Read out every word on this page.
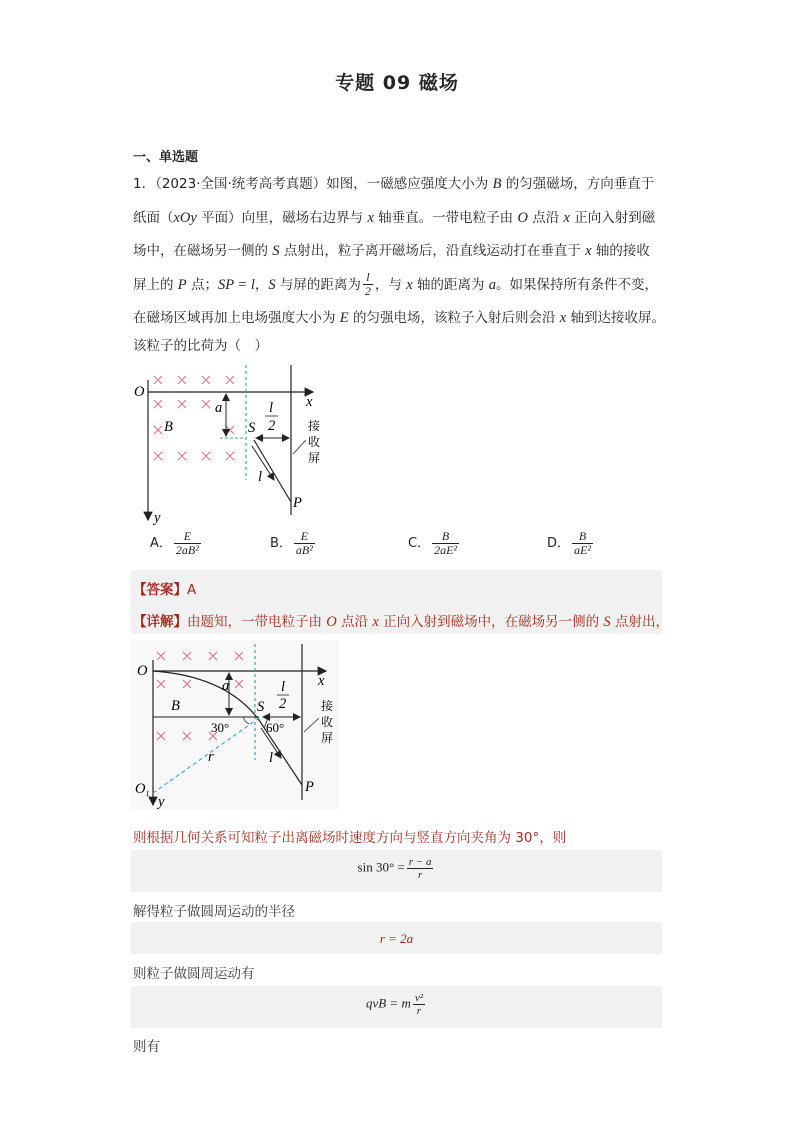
专题 09 磁场
一、单选题
1．（2023·全国·统考高考真题）如图，一磁感应强度大小为 B 的匀强磁场，方向垂直于
纸面（xOy 平面）向里，磁场右边界与 x 轴垂直。一带电粒子由 O 点沿 x 正向入射到磁
场中，在磁场另一侧的 S 点射出，粒子离开磁场后，沿直线运动打在垂直于 x 轴的接收
屏上的 P 点；SP = l，S 与屏的距离为 $\frac{l}{2}$ ，与 x 轴的距离为 a。如果保持所有条件不变，
在磁场区域再加上电场强度大小为 E 的匀强电场，该粒子入射后则会沿 x 轴到达接收屏。
该粒子的比荷为（　）
O
x
y
a
B	S
l
2
l
P
接
收
屏
A． $\frac{E}{\text{2aB²}}$	B． $\frac{E}{\text{aB²}}$	C． $\frac{B}{\text{2aE²}}$	D． $\frac{B}{\text{aE²}}$
【答案】A
【详解】由题知，一带电粒子由 O 点沿 x 正向入射到磁场中，在磁场另一侧的 S 点射出，
O
x
y
a
B	S
l
2
30°	60°
r	l
P
$O_1$
接
收
屏
则根据几何关系可知粒子出离磁场时速度方向与竖直方向夹角为 30°，则
$\sin 30^\circ = \frac{r - a}{r}$
解得粒子做圆周运动的半径
r = 2a
则粒子做圆周运动有
qvB = m $\frac{\text{v²}}{r}$
则有
